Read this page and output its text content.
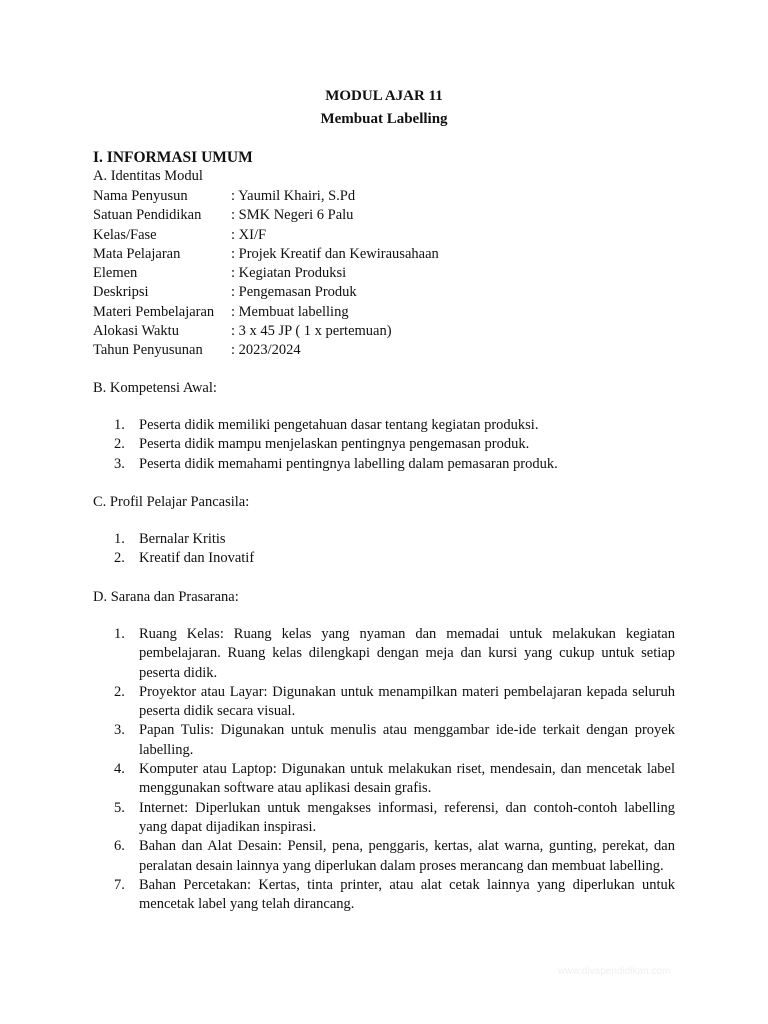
MODUL AJAR 11
Membuat Labelling
I. INFORMASI UMUM
A. Identitas Modul
Nama Penyusun	: Yaumil Khairi, S.Pd
Satuan Pendidikan	: SMK Negeri 6 Palu
Kelas/Fase	: XI/F
Mata Pelajaran	: Projek Kreatif dan Kewirausahaan
Elemen	: Kegiatan Produksi
Deskripsi	: Pengemasan Produk
Materi Pembelajaran	: Membuat labelling
Alokasi Waktu	: 3 x 45 JP ( 1 x pertemuan)
Tahun Penyusunan	: 2023/2024
B. Kompetensi Awal:
1. Peserta didik memiliki pengetahuan dasar tentang kegiatan produksi.
2. Peserta didik mampu menjelaskan pentingnya pengemasan produk.
3. Peserta didik memahami pentingnya labelling dalam pemasaran produk.
C. Profil Pelajar Pancasila:
1. Bernalar Kritis
2. Kreatif dan Inovatif
D. Sarana dan Prasarana:
1. Ruang Kelas: Ruang kelas yang nyaman dan memadai untuk melakukan kegiatan pembelajaran. Ruang kelas dilengkapi dengan meja dan kursi yang cukup untuk setiap peserta didik.
2. Proyektor atau Layar: Digunakan untuk menampilkan materi pembelajaran kepada seluruh peserta didik secara visual.
3. Papan Tulis: Digunakan untuk menulis atau menggambar ide-ide terkait dengan proyek labelling.
4. Komputer atau Laptop: Digunakan untuk melakukan riset, mendesain, dan mencetak label menggunakan software atau aplikasi desain grafis.
5. Internet: Diperlukan untuk mengakses informasi, referensi, dan contoh-contoh labelling yang dapat dijadikan inspirasi.
6. Bahan dan Alat Desain: Pensil, pena, penggaris, kertas, alat warna, gunting, perekat, dan peralatan desain lainnya yang diperlukan dalam proses merancang dan membuat labelling.
7. Bahan Percetakan: Kertas, tinta printer, atau alat cetak lainnya yang diperlukan untuk mencetak label yang telah dirancang.
www.divapendidikan.com
